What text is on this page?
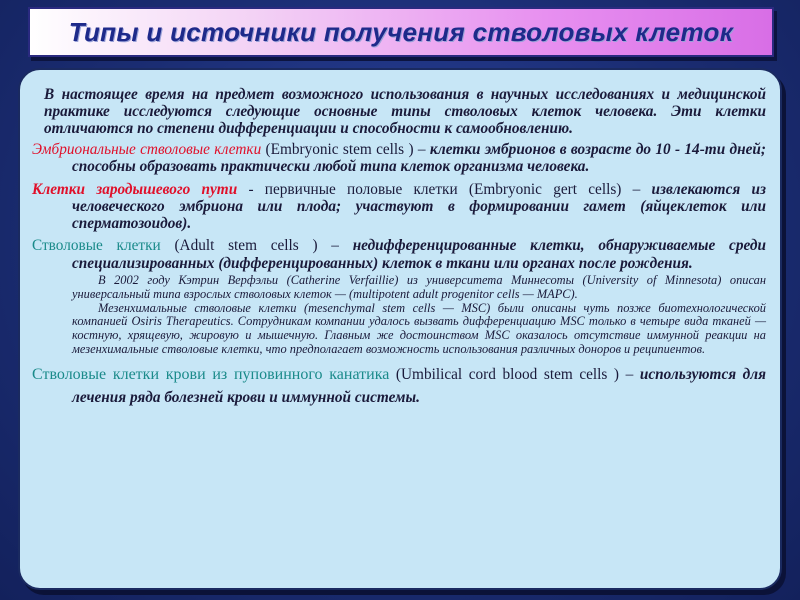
Типы и источники получения стволовых клеток

В настоящее время на предмет возможного использования в научных исследованиях и медицинской практике исследуются следующие основные типы стволовых клеток человека. Эти клетки отличаются по степени дифференциации и способности к самообновлению.

Эмбриональные стволовые клетки (Embryonic stem cells ) – клетки эмбрионов в возрасте до 10 - 14-ти дней; способны образовать практически любой типа клеток организма человека.

Клетки зародышевого пути - первичные половые клетки (Embryonic gert cells) – извлекаются из человеческого эмбриона или плода; участвуют в формировании гамет (яйцеклеток или сперматозоидов).

Стволовые клетки (Adult stem cells ) – недифференцированные клетки, обнаруживаемые среди специализированных (дифференцированных) клеток в ткани или органах после рождения.

В 2002 году Кэтрин Верфэльи (Catherine Verfaillie) из университета Миннесоты (University of Minnesota) описан универсальный типа взрослых стволовых клеток — (multipotent adult progenitor cells — MAPC).

Мезенхимальные стволовые клетки (mesenchymal stem cells — MSC) были описаны чуть позже биотехнологической компанией Osiris Therapeutics. Сотрудникам компании удалось вызвать дифференциацию MSC только в четыре вида тканей — костную, хрящевую, жировую и мышечную. Главным же достоинством MSC оказалось отсутствие иммунной реакции на мезенхимальные стволовые клетки, что предполагает возможность использования различных доноров и реципиентов.

Стволовые клетки крови из пуповинного канатика (Umbilical cord blood stem cells ) – используются для лечения ряда болезней крови и иммунной системы.
